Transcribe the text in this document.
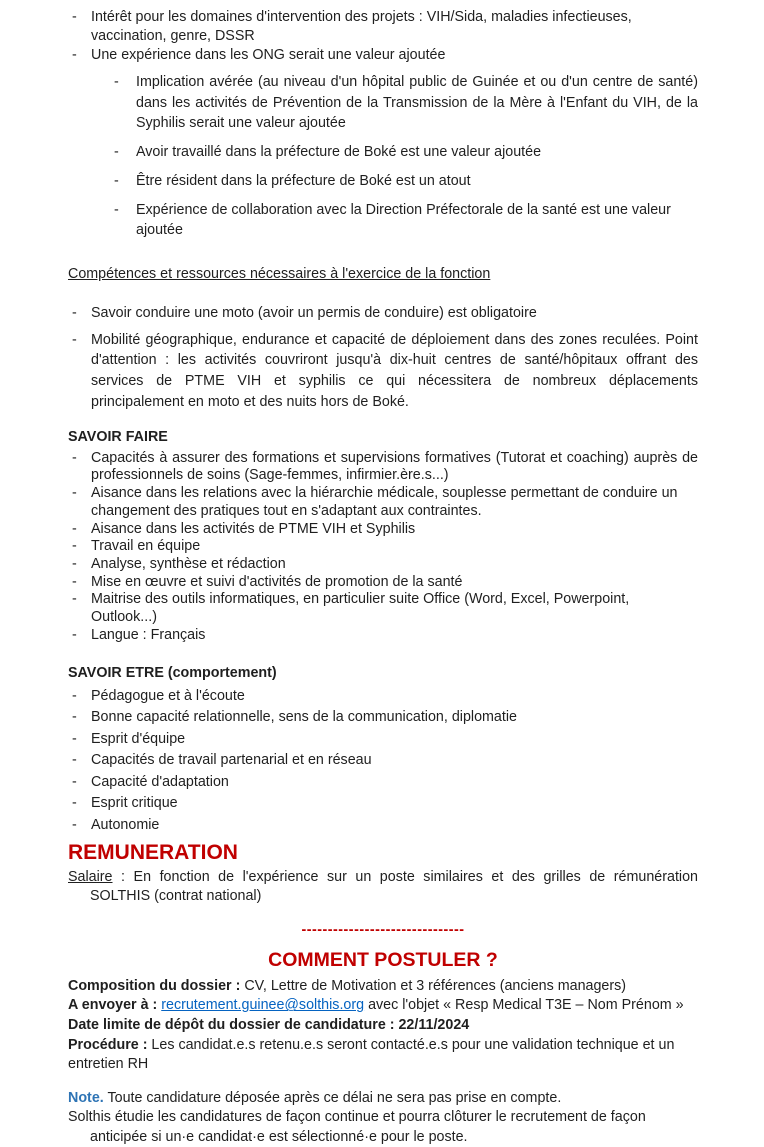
- Intérêt pour les domaines d'intervention des projets : VIH/Sida, maladies infectieuses, vaccination, genre, DSSR
- Une expérience dans les ONG serait une valeur ajoutée
-	Implication avérée (au niveau d'un hôpital public de Guinée et ou d'un centre de santé) dans les activités de Prévention de la Transmission de la Mère à l'Enfant du VIH, de la Syphilis serait une valeur ajoutée
-	Avoir travaillé dans la préfecture de Boké est une valeur ajoutée
-	Être résident dans la préfecture de Boké est un atout
-	Expérience de collaboration avec la Direction Préfectorale de la santé est une valeur ajoutée
Compétences et ressources nécessaires à l'exercice de la fonction
- Savoir conduire une moto (avoir un permis de conduire) est obligatoire
- Mobilité géographique, endurance et capacité de déploiement dans des zones reculées. Point d'attention : les activités couvriront jusqu'à dix-huit centres de santé/hôpitaux offrant des services de PTME VIH et syphilis ce qui nécessitera de nombreux déplacements principalement en moto et des nuits hors de Boké.
SAVOIR FAIRE
- Capacités à assurer des formations et supervisions formatives (Tutorat et coaching) auprès de professionnels de soins (Sage-femmes, infirmier.ère.s...)
- Aisance dans les relations avec la hiérarchie médicale, souplesse permettant de conduire un changement des pratiques tout en s'adaptant aux contraintes.
- Aisance dans les activités de PTME VIH et Syphilis
- Travail en équipe
- Analyse, synthèse et rédaction
- Mise en œuvre et suivi d'activités de promotion de la santé
- Maitrise des outils informatiques, en particulier suite Office (Word, Excel, Powerpoint, Outlook...)
- Langue : Français
SAVOIR ETRE (comportement)
- Pédagogue et à l'écoute
- Bonne capacité relationnelle, sens de la communication, diplomatie
- Esprit d'équipe
- Capacités de travail partenarial et en réseau
- Capacité d'adaptation
- Esprit critique
- Autonomie
REMUNERATION

Salaire : En fonction de l'expérience sur un poste similaires et des grilles de rémunération SOLTHIS (contrat national)

-------------------------------
COMMENT POSTULER ?

Composition du dossier : CV, Lettre de Motivation et 3 références (anciens managers)

A envoyer à : recrutement.guinee@solthis.org avec l'objet « Resp Medical T3E – Nom Prénom »

Date limite de dépôt du dossier de candidature : 22/11/2024

Procédure : Les candidat.e.s retenu.e.s seront contacté.e.s pour une validation technique et un entretien RH

Note. Toute candidature déposée après ce délai ne sera pas prise en compte.

Solthis étudie les candidatures de façon continue et pourra clôturer le recrutement de façon anticipée si un·e candidat·e est sélectionné·e pour le poste.
